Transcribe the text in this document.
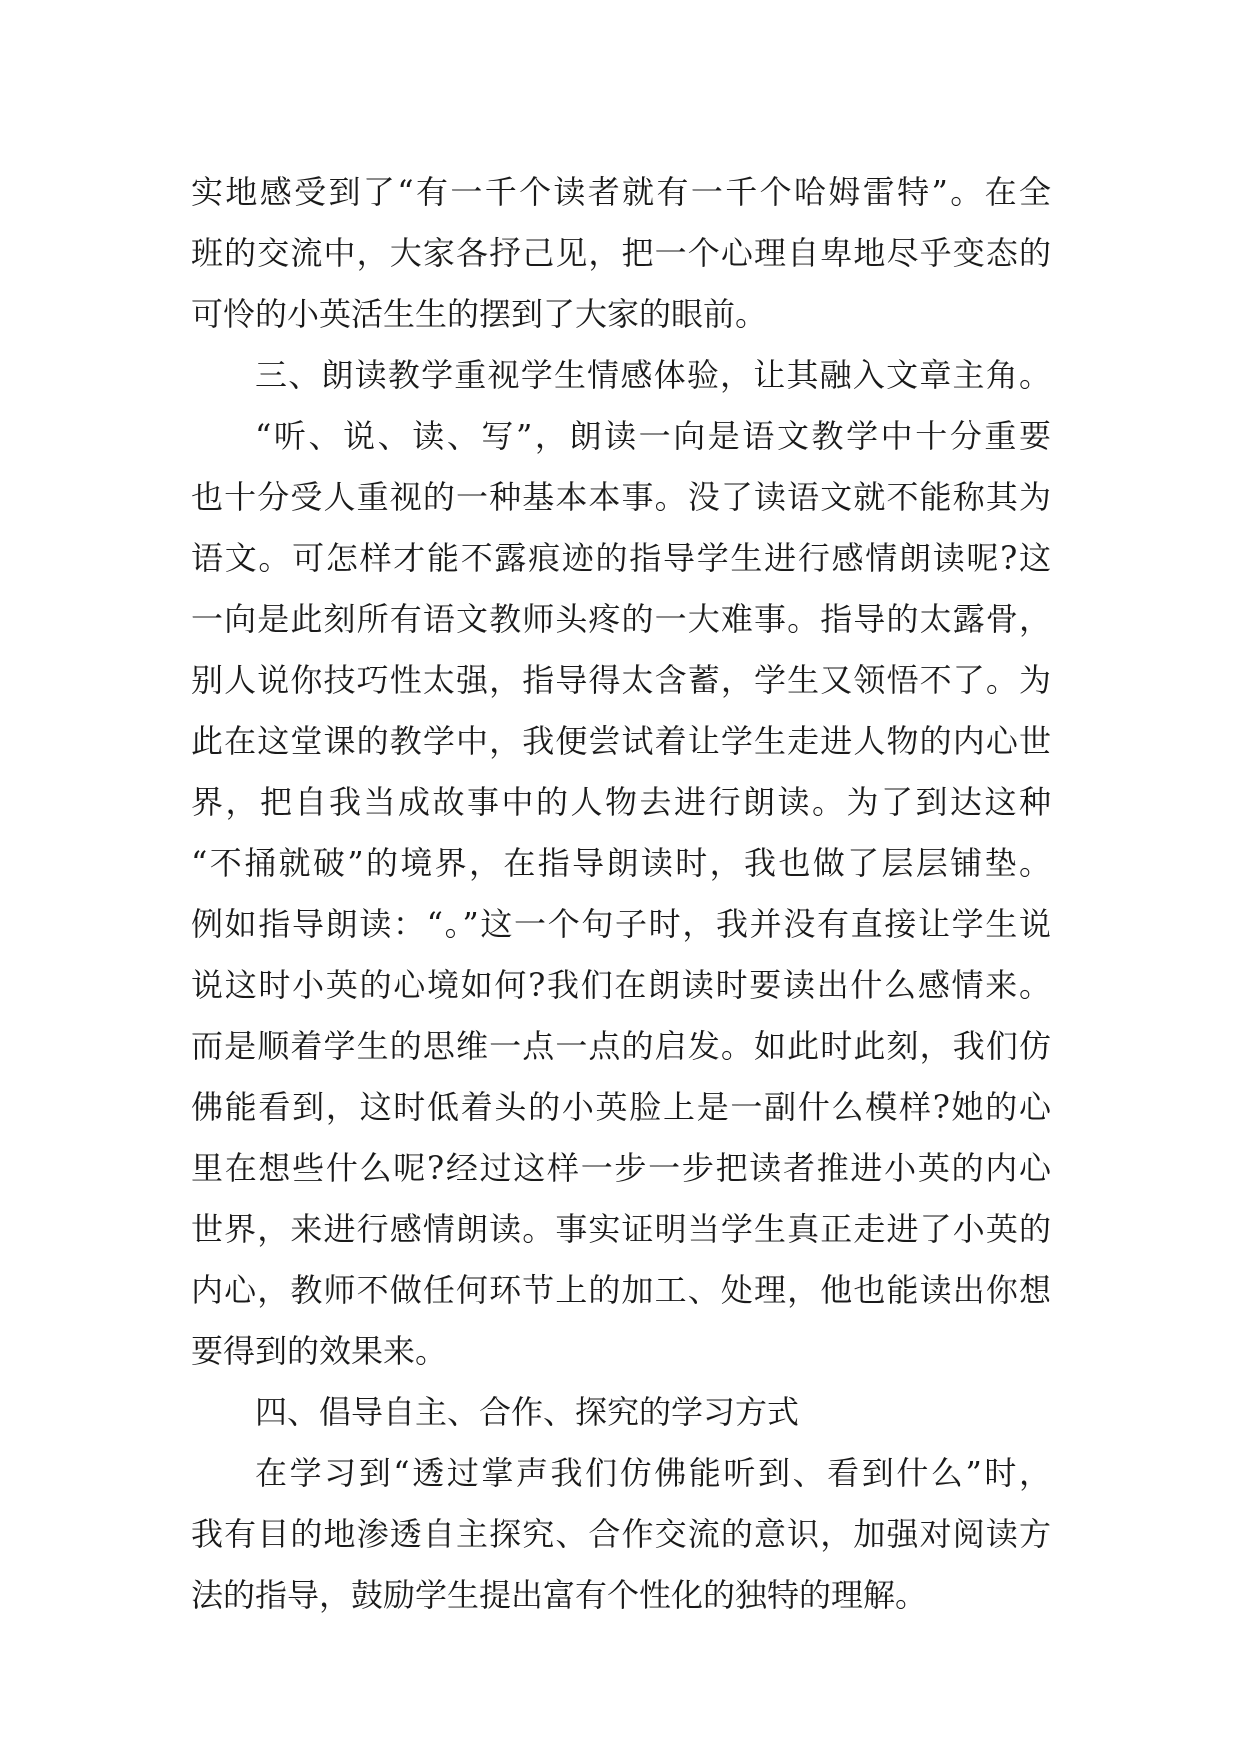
实地感受到了“有一千个读者就有一千个哈姆雷特”。在全
班的交流中，大家各抒己见，把一个心理自卑地尽乎变态的
可怜的小英活生生的摆到了大家的眼前。
三、朗读教学重视学生情感体验，让其融入文章主角。
“听、说、读、写”，朗读一向是语文教学中十分重要
也十分受人重视的一种基本本事。没了读语文就不能称其为
语文。可怎样才能不露痕迹的指导学生进行感情朗读呢?这
一向是此刻所有语文教师头疼的一大难事。指导的太露骨，
别人说你技巧性太强，指导得太含蓄，学生又领悟不了。为
此在这堂课的教学中，我便尝试着让学生走进人物的内心世
界，把自我当成故事中的人物去进行朗读。为了到达这种
“不捅就破”的境界，在指导朗读时，我也做了层层铺垫。
例如指导朗读：“。”这一个句子时，我并没有直接让学生说
说这时小英的心境如何?我们在朗读时要读出什么感情来。
而是顺着学生的思维一点一点的启发。如此时此刻，我们仿
佛能看到，这时低着头的小英脸上是一副什么模样?她的心
里在想些什么呢?经过这样一步一步把读者推进小英的内心
世界，来进行感情朗读。事实证明当学生真正走进了小英的
内心，教师不做任何环节上的加工、处理，他也能读出你想
要得到的效果来。
四、倡导自主、合作、探究的学习方式
在学习到“透过掌声我们仿佛能听到、看到什么”时，
我有目的地渗透自主探究、合作交流的意识，加强对阅读方
法的指导，鼓励学生提出富有个性化的独特的理解。
